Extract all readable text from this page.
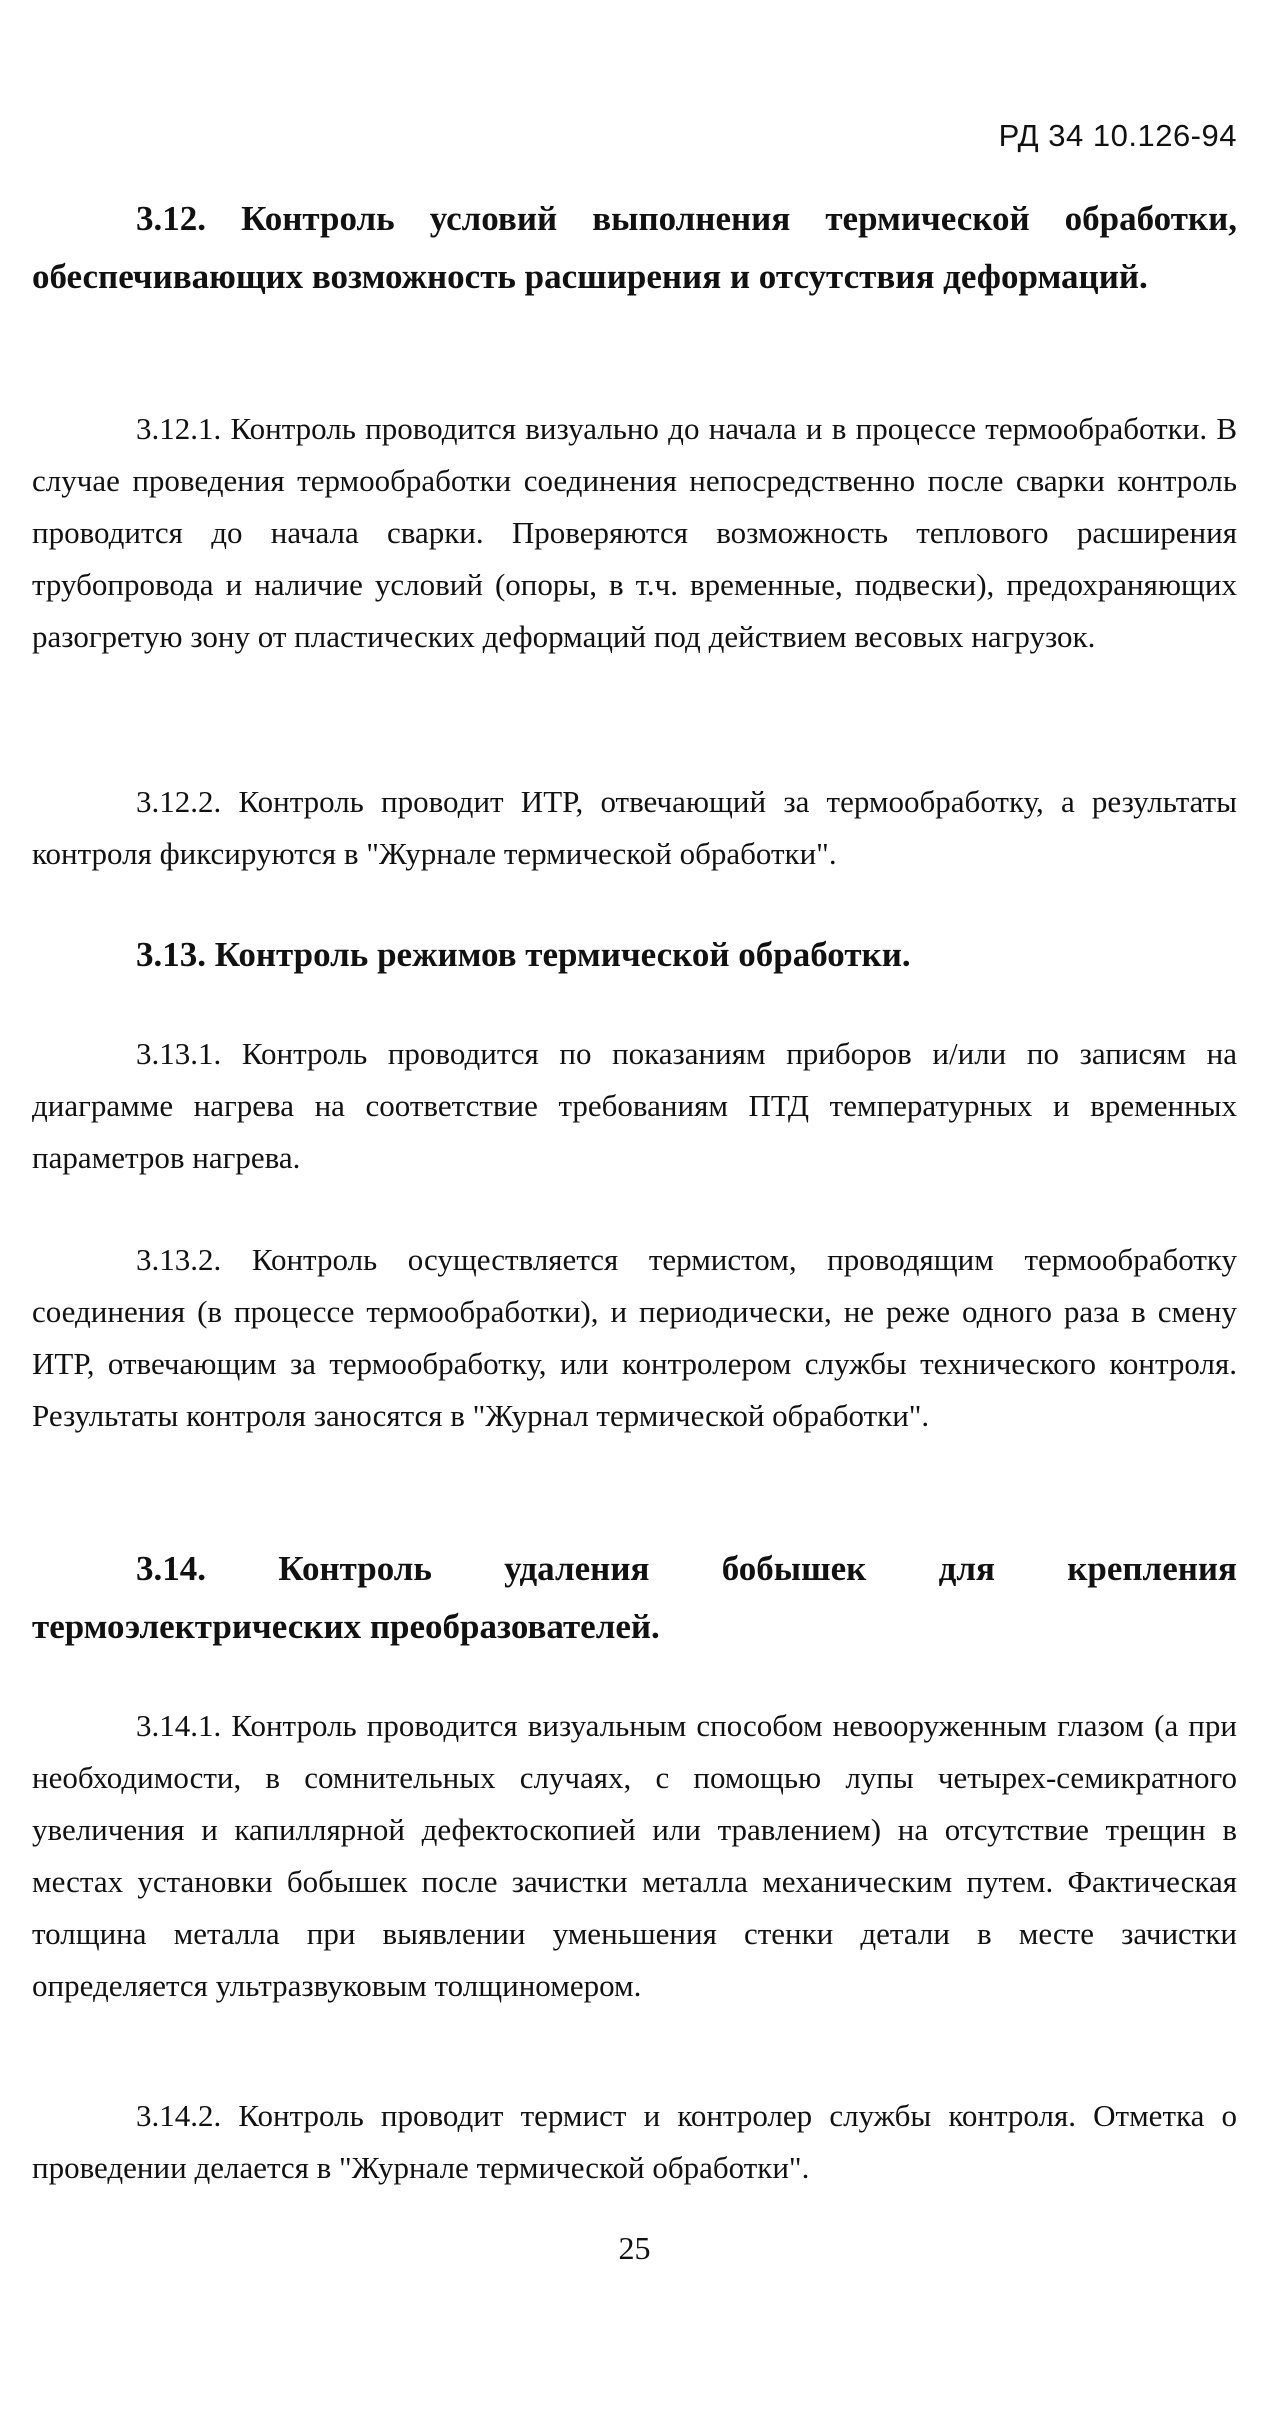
РД 34 10.126-94

3.12. Контроль условий выполнения термической обработки, обеспечивающих возможность расширения и отсутствия деформаций.

3.12.1. Контроль проводится визуально до начала и в процессе термообработки. В случае проведения термообработки соединения непосредственно после сварки контроль проводится до начала сварки. Проверяются возможность теплового расширения трубопровода и наличие условий (опоры, в т.ч. временные, подвески), предохраняющих разогретую зону от пластических деформаций под действием весовых нагрузок.

3.12.2. Контроль проводит ИТР, отвечающий за термообработку, а результаты контроля фиксируются в "Журнале термической обработки".

3.13. Контроль режимов термической обработки.

3.13.1. Контроль проводится по показаниям приборов и/или по записям на диаграмме нагрева на соответствие требованиям ПТД температурных и временных параметров нагрева.

3.13.2. Контроль осуществляется термистом, проводящим термообработку соединения (в процессе термообработки), и периодически, не реже одного раза в смену ИТР, отвечающим за термообработку, или контролером службы технического контроля. Результаты контроля заносятся в "Журнал термической обработки".

3.14. Контроль удаления бобышек для крепления термоэлектрических преобразователей.

3.14.1. Контроль проводится визуальным способом невооруженным глазом (а при необходимости, в сомнительных случаях, с помощью лупы четырех-семикратного увеличения и капиллярной дефектоскопией или травлением) на отсутствие трещин в местах установки бобышек после зачистки металла механическим путем. Фактическая толщина металла при выявлении уменьшения стенки детали в месте зачистки определяется ультразвуковым толщиномером.

3.14.2. Контроль проводит термист и контролер службы контроля. Отметка о проведении делается в "Журнале термической обработки".

25
